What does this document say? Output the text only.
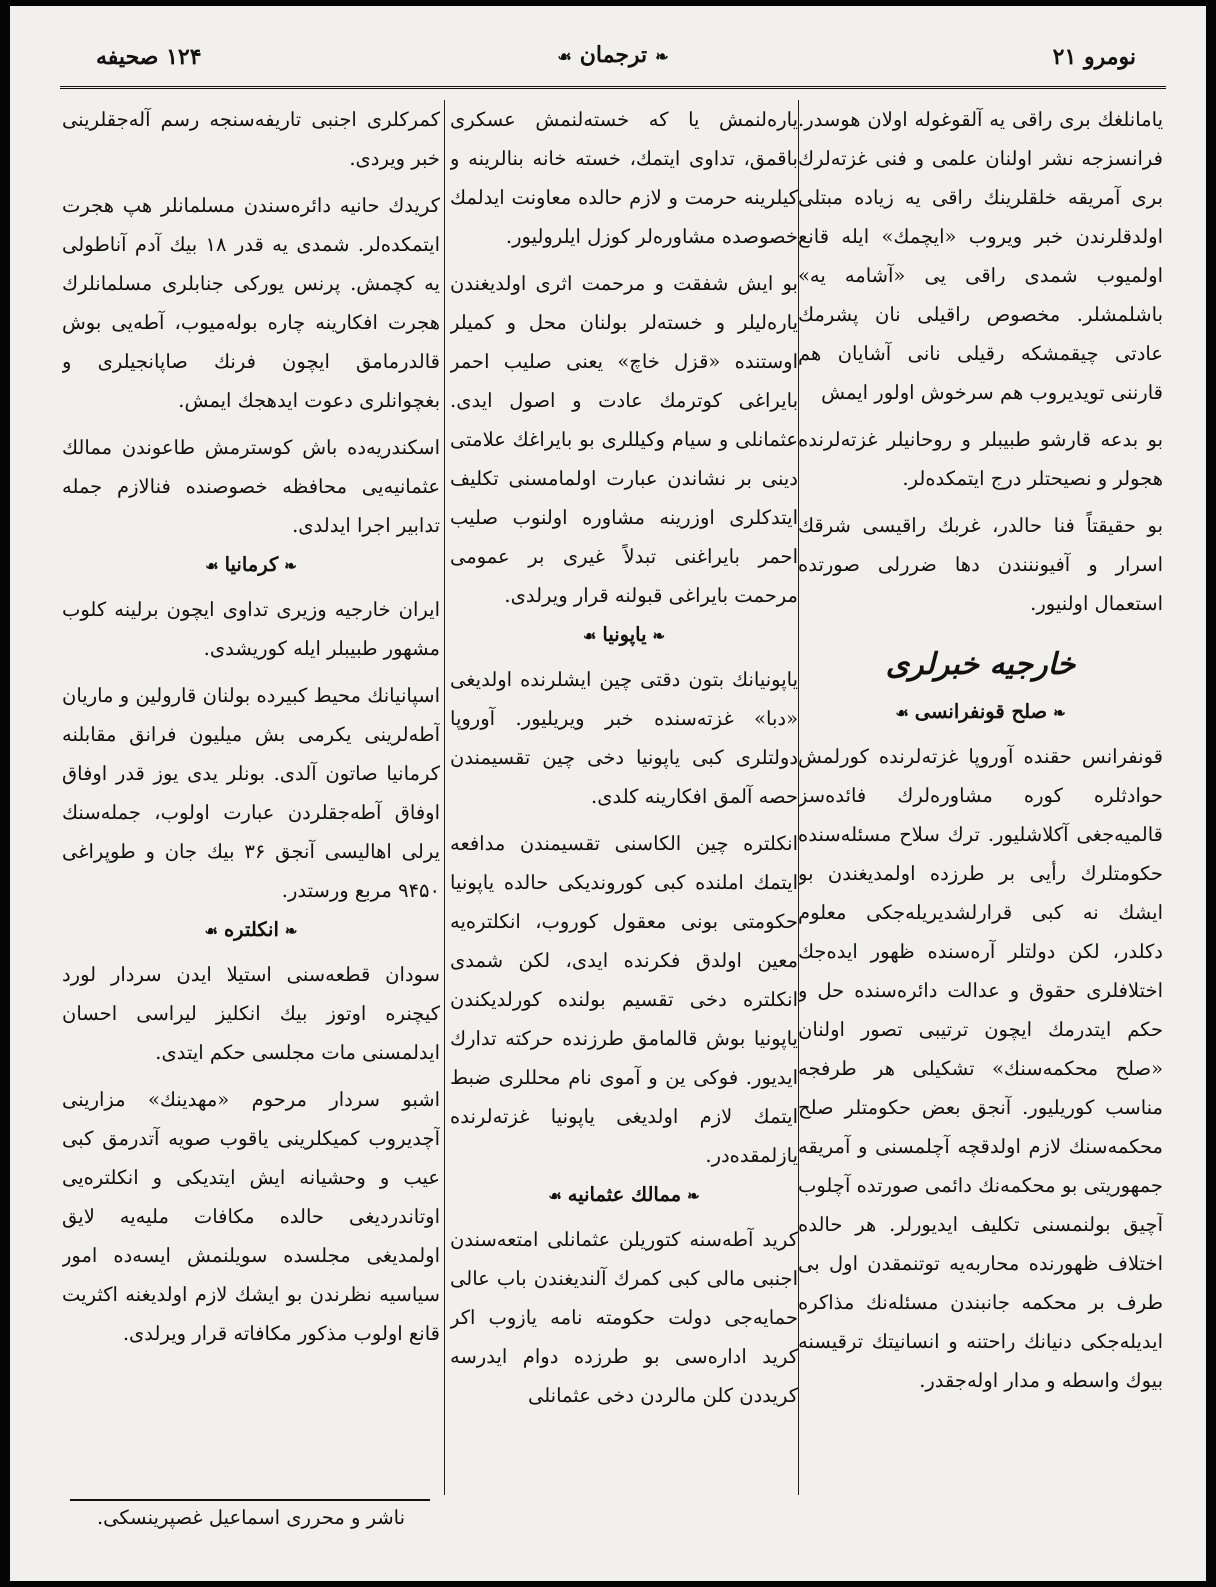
۱۲۴ صحیفه	❧ترجمان☙	نومرو ۲۱

یامانلغك بری راقی یه آلقوغوله اولان هوسدر. فرانسزجه نشر اولنان علمی و فنی غزته‌لرك بری آمریقه خلقلرینك راقی یه زیاده مبتلی اولدقلرندن خبر ویروب «ایچمك» ایله قانع اولمیوب شمدی راقی یی «آشامه یه» باشلمشلر. مخصوص راقیلی نان پشرمك عادتی چیقمشکه رقیلی نانی آشایان هم قارننی تویدیروب هم سرخوش اولور ایمش

بو بدعه قارشو طبیبلر و روحانیلر غزته‌لرنده هجولر و نصیحتلر درج ایتمکده‌لر.

بو حقیقتاً فنا حالدر، غربك راقیسی شرقك اسرار و آفیوننندن دها ضررلی صورتده استعمال اولنیور.

خارجیه خبرلری
❧صلح قونفرانسی☙

قونفرانس حقنده آوروپا غزته‌لرنده کورلمش حوادثلره کوره مشاوره‌لرك فائده‌سز قالمیه‌جغی آکلاشلیور. ترك سلاح مسئله‌سنده حکومتلرك رأیی بر طرزده اولمدیغندن بو ایشك نه کبی قرارلشدیریله‌جکی معلوم دکلدر، لکن دولتلر آره‌سنده ظهور ایده‌جك اختلافلری حقوق و عدالت دائره‌سنده حل و حکم ایتدرمك ایچون ترتیبی تصور اولنان «صلح محکمه‌سنك» تشکیلی هر طرفجه مناسب کوریلیور. آنجق بعض حکومتلر صلح محکمه‌سنك لازم اولدقچه آچلمسنی و آمریقه جمهوریتی بو محکمه‌نك دائمی صورتده آچلوب آچیق بولنمسنی تکلیف ایدیورلر. هر حالده اختلاف ظهورنده محاربه‌یه توتنمقدن اول بی طرف بر محکمه جانبندن مسئله‌نك مذاکره ایدیله‌جکی دنیانك راحتنه و انسانیتك ترقیسنه بیوك واسطه و مدار اوله‌جقدر.

یاره‌لنمش یا که خسته‌لنمش عسکری باقمق، تداوی ایتمك، خسته خانه بنالرینه و کیلرینه حرمت و لازم حالده معاونت ایدلمك خصوصده مشاوره‌لر کوزل ایلرولیور.

بو ایش شفقت و مرحمت اثری اولدیغندن یاره‌لیلر و خسته‌لر بولنان محل و کمیلر اوستنده «قزل خاچ» یعنی صلیب احمر بایراغی کوترمك عادت و اصول ایدی. عثمانلی و سیام وکیللری بو بایراغك علامتی دینی بر نشاندن عبارت اولمامسنی تکلیف ایتدکلری اوزرینه مشاوره اولنوب صلیب احمر بایراغنی تبدلاً غیری بر عمومی مرحمت بایراغی قبولنه قرار ویرلدی.

❧یاپونیا☙

یاپونیانك بتون دقتی چین ایشلرنده اولدیغی «دبا» غزته‌سنده خبر ویریلیور. آوروپا دولتلری کبی یاپونیا دخی چین تقسیمندن حصه آلمق افکارینه کلدی.

انکلتره چین الکاسنی تقسیمندن مدافعه ایتمك املنده کبی کوروندیکی حالده یاپونیا حکومتی بونی معقول کوروب، انکلتره‌یه معین اولدق فکرنده ایدی، لکن شمدی انکلتره دخی تقسیم بولنده کورلدیکندن یاپونیا بوش قالمامق طرزنده حرکته تدارك ایدیور. فوکی ین و آموی نام محللری ضبط ایتمك لازم اولدیغی یاپونیا غزته‌لرنده یازلمقده‌در.

❧ممالك عثمانیه☙

کرید آطه‌سنه کتوریلن عثمانلی امتعه‌سندن اجنبی مالی کبی کمرك آلندیغندن باب عالی حمایه‌جی دولت حکومته نامه یازوب اکر کرید اداره‌سی بو طرزده دوام ایدرسه کریددن کلن مالردن دخی عثمانلی

کمرکلری اجنبی تاریفه‌سنجه رسم آله‌جقلرینی خبر ویردی.

کریدك حانیه دائره‌سندن مسلمانلر هپ هجرت ایتمکده‌لر. شمدی یه قدر ۱۸ بیك آدم آناطولی یه کچمش. پرنس یورکی جنابلری مسلمانلرك هجرت افکارینه چاره بوله‌میوب، آطه‌یی بوش قالدرمامق ایچون فرنك صاپانجیلری و بغچوانلری دعوت ایدهجك ایمش.

اسکندریه‌ده باش کوسترمش طاعوندن ممالك عثمانیه‌یی محافظه خصوصنده فنالازم جمله تدابیر اجرا ایدلدی.

❧کرمانیا☙

ایران خارجیه وزیری تداوی ایچون برلینه کلوب مشهور طبیبلر ایله کوریشدی.

اسپانیانك محیط کبیرده بولنان قارولین و ماریان آطه‌لرینی یکرمی بش میلیون فرانق مقابلنه کرمانیا صاتون آلدی. بونلر یدی یوز قدر اوفاق اوفاق آطه‌جقلردن عبارت اولوب، جمله‌سنك یرلی اهالیسی آنجق ۳۶ بیك جان و طوپراغی ۹۴۵۰ مربع ورستدر.

❧انکلتره☙

سودان قطعه‌سنی استیلا ایدن سردار لورد کیچنره اوتوز بیك انکلیز لیراسی احسان ایدلمسنی مات مجلسی حکم ایتدی.

اشبو سردار مرحوم «مهدینك» مزارینی آچدیروب کمیکلرینی یاقوب صویه آتدرمق کبی عیب و وحشیانه ایش ایتدیکی و انکلتره‌یی اوتاندردیغی حالده مکافات ملیه‌یه لایق اولمدیغی مجلسده سویلنمش ایسه‌ده امور سیاسیه نظرندن بو ایشك لازم اولدیغنه اکثریت قانع اولوب مذکور مکافاته قرار ویرلدی.

ناشر و محرری اسماعیل غصپرینسکی.
